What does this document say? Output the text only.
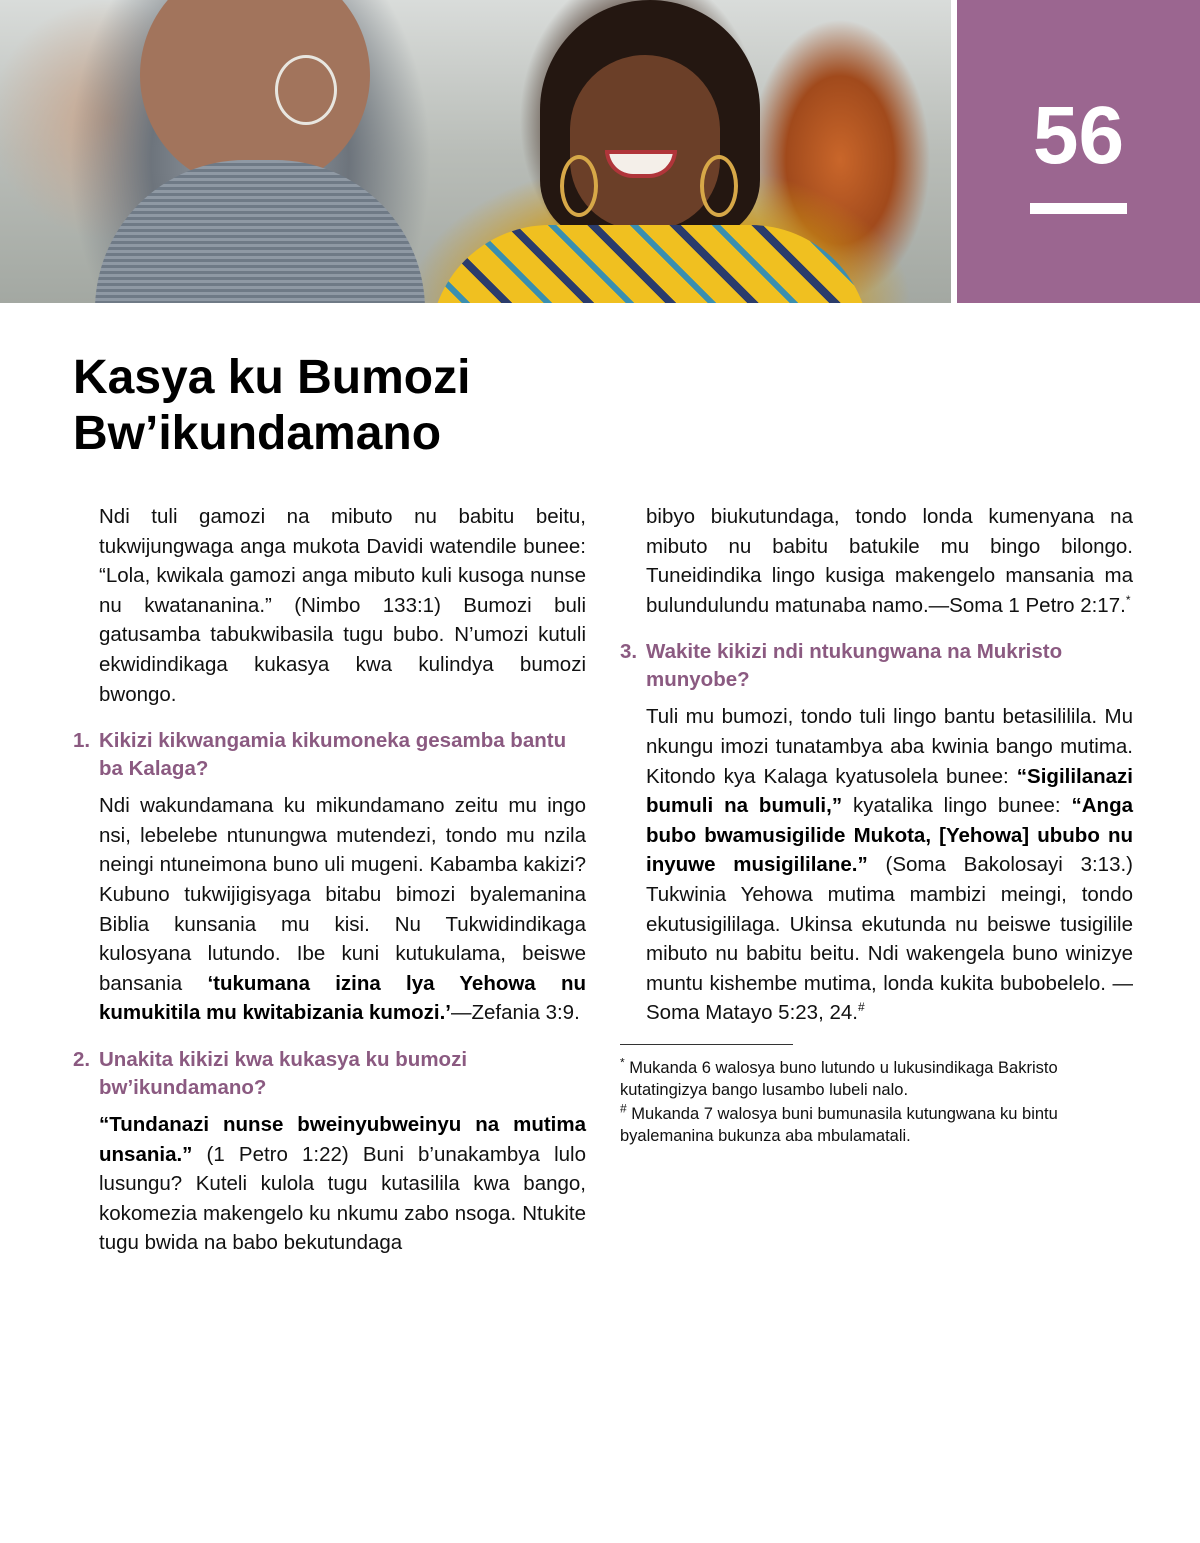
56
Kasya ku Bumozi
Bw’ikundamano

Ndi tuli gamozi na mibuto nu babitu beitu, tukwijungwaga anga mukota Davidi watendile bunee: “Lola, kwikala gamozi anga mibuto kuli kusoga nunse nu kwatananina.” (Nimbo 133:1) Bumozi buli gatusamba tabukwibasila tugu bubo. N’umozi kutuli ekwidindikaga kukasya kwa kulindya bumozi bwongo.

1. Kikizi kikwangamia kikumoneka gesamba bantu ba Kalaga?

Ndi wakundamana ku mikundamano zeitu mu ingo nsi, lebelebe ntunungwa mutendezi, tondo mu nzila neingi ntuneimona buno uli mugeni. Kabamba kakizi? Kubuno tukwijigisyaga bitabu bimozi byalemanina Biblia kunsania mu kisi. Nu Tukwidindikaga kulosyana lutundo. Ibe kuni kutukulama, beiswe bansania ‘tukumana izina lya Yehowa nu kumukitila mu kwitabizania kumozi.’—Zefania 3:9.

2. Unakita kikizi kwa kukasya ku bumozi bw’ikundamano?

“Tundanazi nunse bweinyubweinyu na mutima unsania.” (1 Petro 1:22) Buni b’unakambya lulo lusungu? Kuteli kulola tugu kutasilila kwa bango, kokomezia makengelo ku nkumu zabo nsoga. Ntukite tugu bwida na babo bekutundaga

bibyo biukutundaga, tondo londa kumenyana na mibuto nu babitu batukile mu bingo bilongo. Tuneidindika lingo kusiga makengelo mansania ma bulundulundu matunaba namo.—Soma 1 Petro 2:17.*

3. Wakite kikizi ndi ntukungwana na Mukristo munyobe?

Tuli mu bumozi, tondo tuli lingo bantu betasililila. Mu nkungu imozi tunatambya aba kwinia bango mutima. Kitondo kya Kalaga kyatusolela bunee: “Sigililanazi bumuli na bumuli,” kyatalika lingo bunee: “Anga bubo bwamusigilide Mukota, [Yehowa] ububo nu inyuwe musigililane.” (Soma Bakolosayi 3:13.) Tukwinia Yehowa mutima mambizi meingi, tondo ekutusigililaga. Ukinsa ekutunda nu beiswe tusigilile mibuto nu babitu beitu. Ndi wakengela buno winizye muntu kishembe mutima, londa kukita bubobelelo. —Soma Matayo 5:23, 24.#

* Mukanda 6 walosya buno lutundo u lukusindikaga Bakristo kutatingizya bango lusambo lubeli nalo.

# Mukanda 7 walosya buni bumunasila kutungwana ku bintu byalemanina bukunza aba mbulamatali.
